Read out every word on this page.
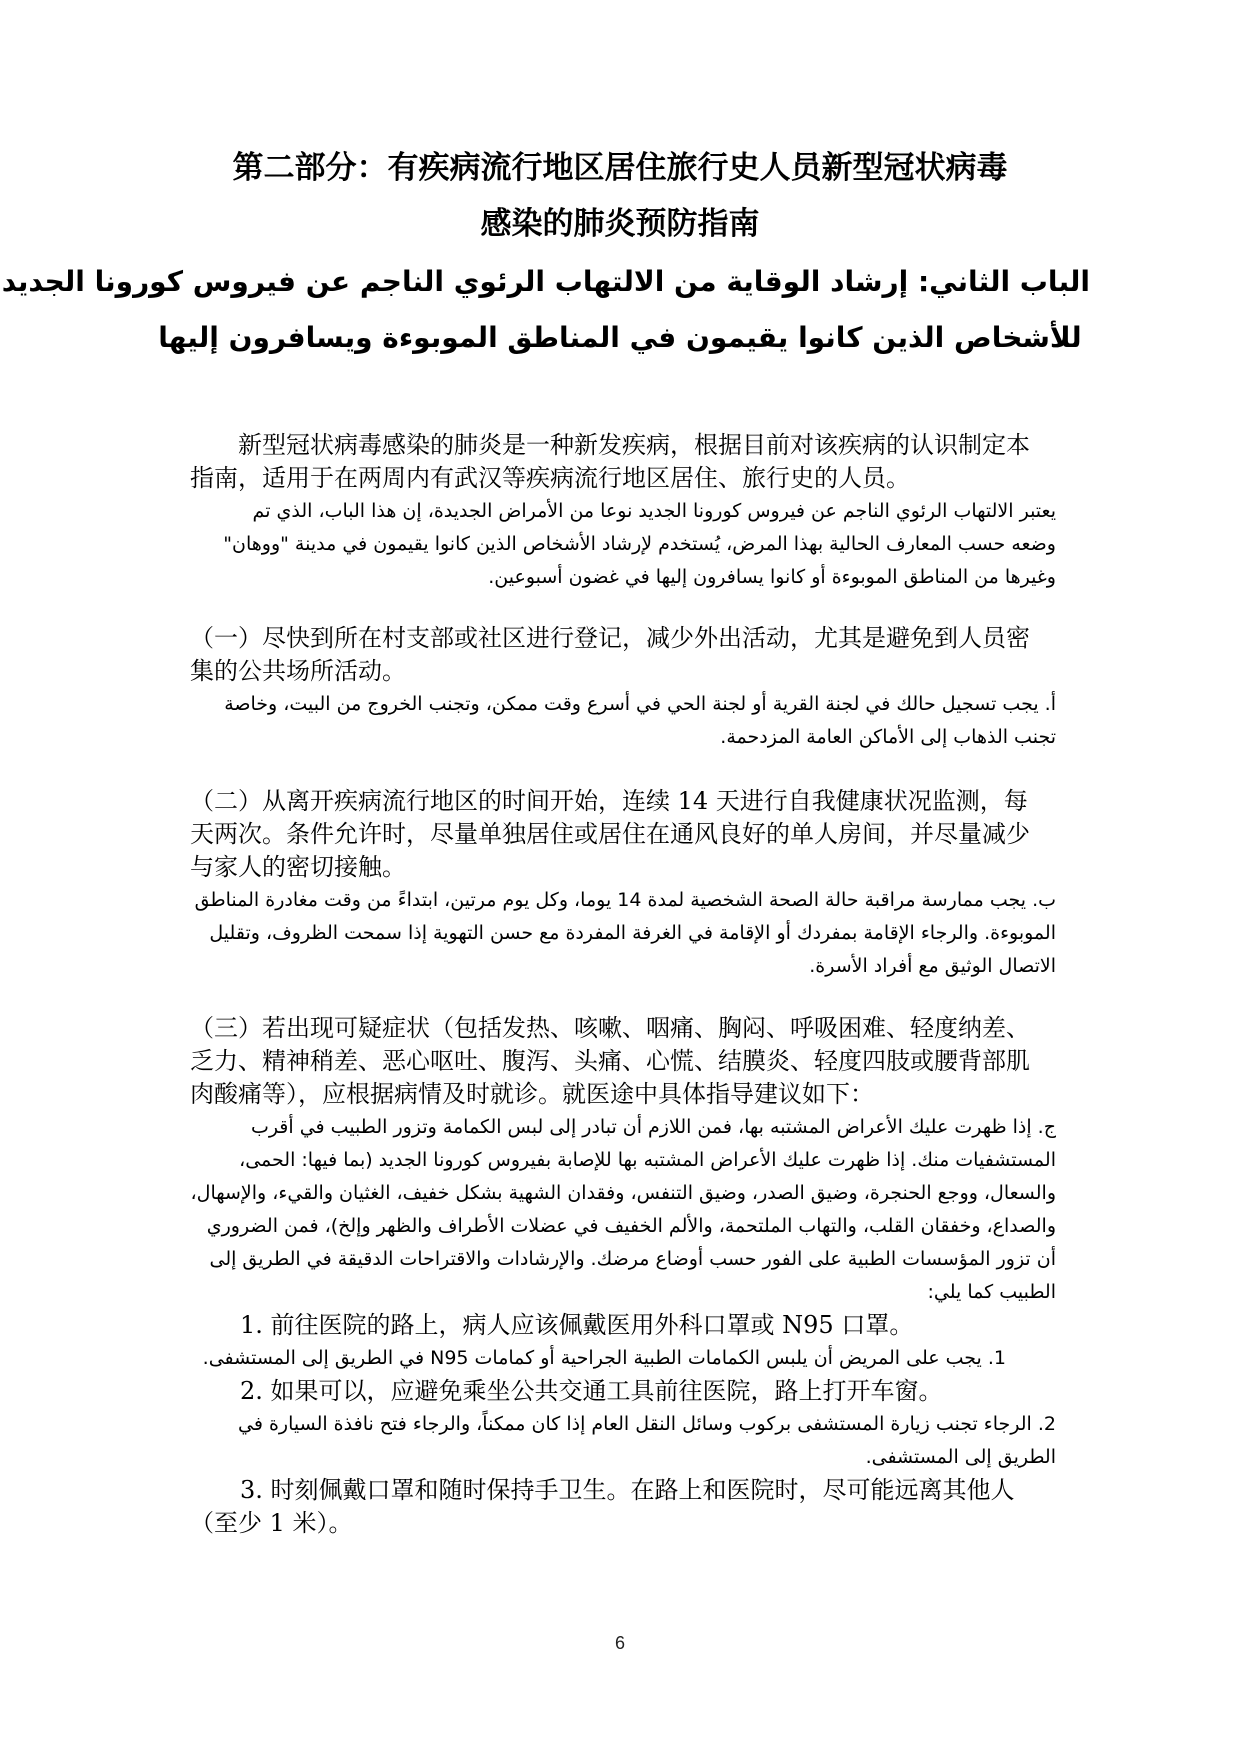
第二部分：有疾病流行地区居住旅行史人员新型冠状病毒
感染的肺炎预防指南
الباب الثاني: إرشاد الوقاية من الالتهاب الرئوي الناجم عن فيروس كورونا الجديد
للأشخاص الذين كانوا يقيمون في المناطق الموبوءة ويسافرون إليها
新型冠状病毒感染的肺炎是一种新发疾病，根据目前对该疾病的认识制定本
指南，适用于在两周内有武汉等疾病流行地区居住、旅行史的人员。
يعتبر الالتهاب الرئوي الناجم عن فيروس كورونا الجديد نوعا من الأمراض الجديدة، إن هذا الباب، الذي تم
وضعه حسب المعارف الحالية بهذا المرض، يُستخدم لإرشاد الأشخاص الذين كانوا يقيمون في مدينة "ووهان"
وغيرها من المناطق الموبوءة أو كانوا يسافرون إليها في غضون أسبوعين.
（一）尽快到所在村支部或社区进行登记，减少外出活动，尤其是避免到人员密
集的公共场所活动。
أ. يجب تسجيل حالك في لجنة القرية أو لجنة الحي في أسرع وقت ممكن، وتجنب الخروج من البيت، وخاصة
تجنب الذهاب إلى الأماكن العامة المزدحمة.
（二）从离开疾病流行地区的时间开始，连续 14 天进行自我健康状况监测，每
天两次。条件允许时，尽量单独居住或居住在通风良好的单人房间，并尽量减少
与家人的密切接触。
ب. يجب ممارسة مراقبة حالة الصحة الشخصية لمدة 14 يوما، وكل يوم مرتين، ابتداءً من وقت مغادرة المناطق
الموبوءة. والرجاء الإقامة بمفردك أو الإقامة في الغرفة المفردة مع حسن التهوية إذا سمحت الظروف، وتقليل
الاتصال الوثيق مع أفراد الأسرة.
（三）若出现可疑症状（包括发热、咳嗽、咽痛、胸闷、呼吸困难、轻度纳差、
乏力、精神稍差、恶心呕吐、腹泻、头痛、心慌、结膜炎、轻度四肢或腰背部肌
肉酸痛等），应根据病情及时就诊。就医途中具体指导建议如下：
ج. إذا ظهرت عليك الأعراض المشتبه بها، فمن اللازم أن تبادر إلى لبس الكمامة وتزور الطبيب في أقرب
المستشفيات منك. إذا ظهرت عليك الأعراض المشتبه بها للإصابة بفيروس كورونا الجديد (بما فيها: الحمى،
والسعال، ووجع الحنجرة، وضيق الصدر، وضيق التنفس، وفقدان الشهية بشكل خفيف، الغثيان والقيء، والإسهال،
والصداع، وخفقان القلب، والتهاب الملتحمة، والألم الخفيف في عضلات الأطراف والظهر وإلخ)، فمن الضروري
أن تزور المؤسسات الطبية على الفور حسب أوضاع مرضك. والإرشادات والاقتراحات الدقيقة في الطريق إلى
الطبيب كما يلي:
1. 前往医院的路上，病人应该佩戴医用外科口罩或 N95 口罩。
1. يجب على المريض أن يلبس الكمامات الطبية الجراحية أو كمامات N95 في الطريق إلى المستشفى.
2. 如果可以，应避免乘坐公共交通工具前往医院，路上打开车窗。
2. الرجاء تجنب زيارة المستشفى بركوب وسائل النقل العام إذا كان ممكناً، والرجاء فتح نافذة السيارة في
الطريق إلى المستشفى.
3. 时刻佩戴口罩和随时保持手卫生。在路上和医院时，尽可能远离其他人
（至少 1 米）。
6
